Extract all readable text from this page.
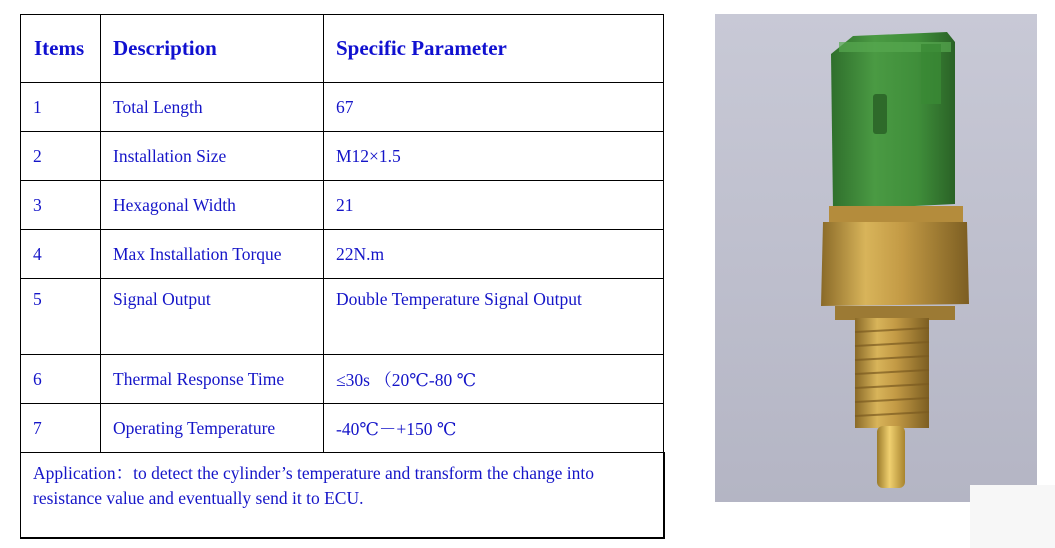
Items	Description	Specific Parameter
1	Total Length	67
2	Installation Size	M12×1.5
3	Hexagonal Width	21
4	Max Installation Torque	22N.m
5	Signal Output	Double Temperature Signal Output
6	Thermal Response Time	≤30s （20℃-80 ℃
7	Operating Temperature	-40℃－+150 ℃
Application：to detect the cylinder’s temperature and transform the change into resistance value and eventually send it to ECU.		
